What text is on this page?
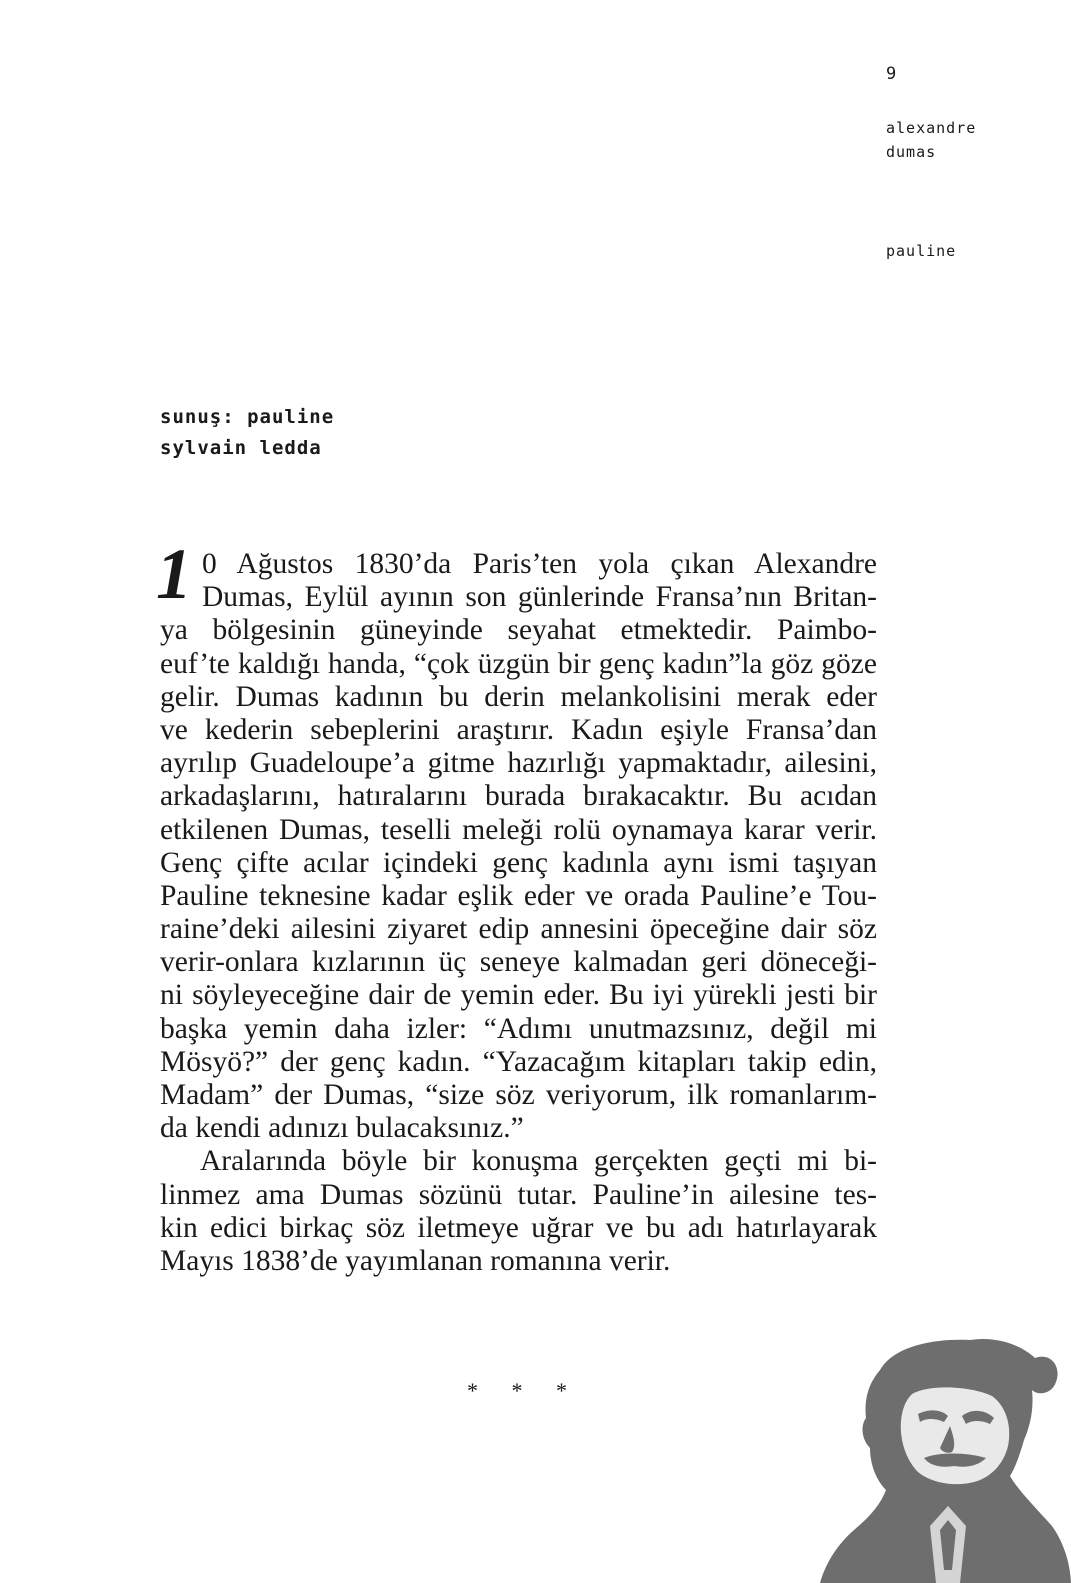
9
alexandre
dumas
pauline
sunuş: pauline
sylvain ledda
1 0 Ağustos 1830’da Paris’ten yola çıkan Alexandre
Dumas, Eylül ayının son günlerinde Fransa’nın Britan-
ya bölgesinin güneyinde seyahat etmektedir. Paimbo-
euf’te kaldığı handa, “çok üzgün bir genç kadın”la göz göze
gelir. Dumas kadının bu derin melankolisini merak eder
ve kederin sebeplerini araştırır. Kadın eşiyle Fransa’dan
ayrılıp Guadeloupe’a gitme hazırlığı yapmaktadır, ailesini,
arkadaşlarını, hatıralarını burada bırakacaktır. Bu acıdan
etkilenen Dumas, teselli meleği rolü oynamaya karar verir.
Genç çifte acılar içindeki genç kadınla aynı ismi taşıyan
Pauline teknesine kadar eşlik eder ve orada Pauline’e Tou-
raine’deki ailesini ziyaret edip annesini öpeceğine dair söz
verir-onlara kızlarının üç seneye kalmadan geri döneceği-
ni söyleyeceğine dair de yemin eder. Bu iyi yürekli jesti bir
başka yemin daha izler: “Adımı unutmazsınız, değil mi
Mösyö?” der genç kadın. “Yazacağım kitapları takip edin,
Madam” der Dumas, “size söz veriyorum, ilk romanlarım-
da kendi adınızı bulacaksınız.”
Aralarında böyle bir konuşma gerçekten geçti mi bi-
linmez ama Dumas sözünü tutar. Pauline’in ailesine tes-
kin edici birkaç söz iletmeye uğrar ve bu adı hatırlayarak
Mayıs 1838’de yayımlanan romanına verir.
* * *
